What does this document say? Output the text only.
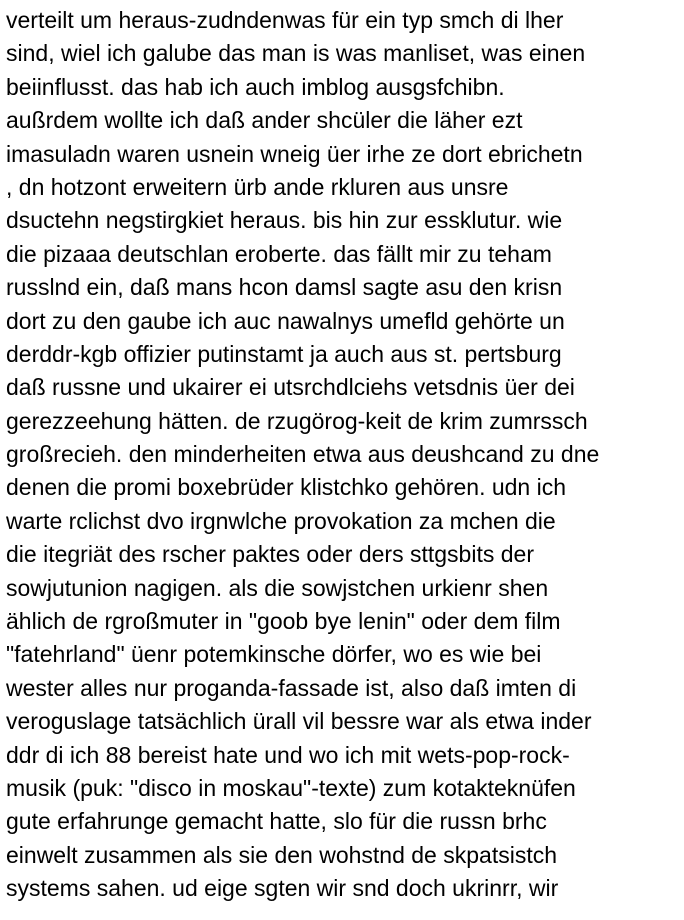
verteilt um heraus-zudndenwas für ein typ smch di lher
sind, wiel ich galube das man is was manliset, was einen
beiinflusst. das hab ich auch imblog ausgsfchibn.
außrdem wollte ich daß ander shcüler die läher ezt
imasuladn waren usnein wneig üer irhe ze dort ebrichetn
, dn hotzont erweitern ürb ande rkluren aus unsre
dsuctehn negstirgkiet heraus. bis hin zur essklutur. wie
die pizaaa deutschlan eroberte. das fällt mir zu teham
russlnd ein, daß mans hcon damsl sagte asu den krisn
dort zu den gaube ich auc nawalnys umefld gehörte un
derddr-kgb offizier putinstamt ja auch aus st. pertsburg
daß russne und ukairer ei utsrchdlciehs vetsdnis üer dei
gerezzeehung hätten. de rzugörog-keit de krim zumrssch
großrecieh. den minderheiten etwa aus deushcand zu dne
denen die promi boxebrüder klistchko gehören. udn ich
warte rclichst dvo irgnwlche provokation za mchen die
die itegriät des rscher paktes oder ders sttgsbits der
sowjutunion nagigen. als die sowjstchen urkienr shen
ählich de rgroßmuter in "goob bye lenin" oder dem film
"fatehrland" üenr potemkinsche dörfer, wo es wie bei
wester alles nur proganda-fassade ist, also daß imten di
veroguslage tatsächlich ürall vil bessre war als etwa inder
ddr di ich 88 bereist hate und wo ich mit wets-pop-rock-
musik (puk: "disco in moskau"-texte) zum kotakteknüfen
gute erfahrunge gemacht hatte, slo für die russn brhc
einwelt zusammen als sie den wohstnd de skpatsistch
systems sahen. ud eige sgten wir snd doch ukrinrr, wir
